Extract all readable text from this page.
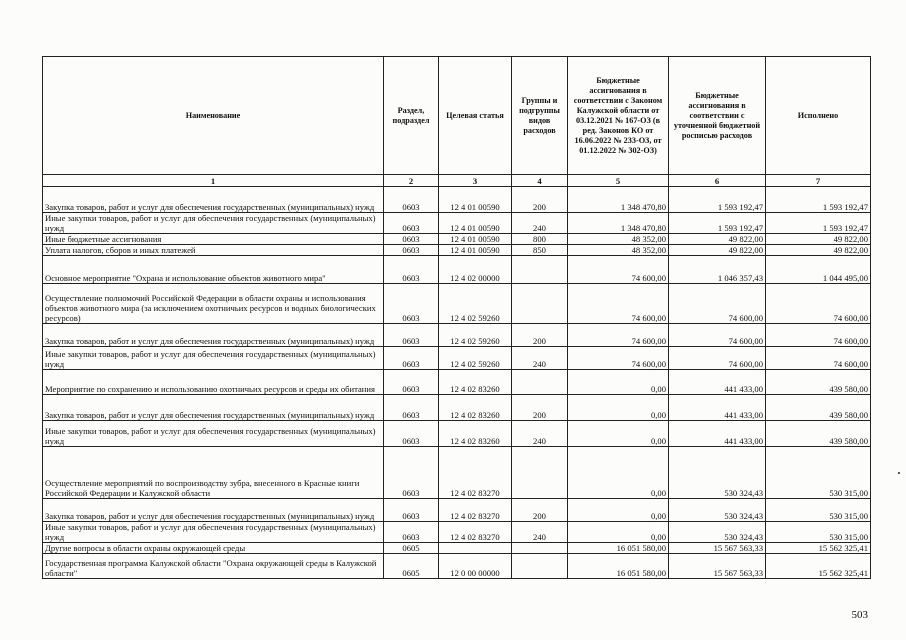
Наименование	Раздел, подраздел	Целевая статья	Группы и подгруппы видов расходов	Бюджетные ассигнования в соответствии с Законом Калужской области от 03.12.2021 № 167-ОЗ (в ред. Законов КО от 16.06.2022 № 233-ОЗ, от 01.12.2022 № 302-ОЗ)	Бюджетные ассигнования в соответствии с уточненной бюджетной росписью расходов	Исполнено
1	2	3	4	5	6	7
Закупка товаров, работ и услуг для обеспечения государственных (муниципальных) нужд	0603	12 4 01 00590	200	1 348 470,80	1 593 192,47	1 593 192,47
Иные закупки товаров, работ и услуг для обеспечения государственных (муниципальных) нужд	0603	12 4 01 00590	240	1 348 470,80	1 593 192,47	1 593 192,47
Иные бюджетные ассигнования	0603	12 4 01 00590	800	48 352,00	49 822,00	49 822,00
Уплата налогов, сборов и иных платежей	0603	12 4 01 00590	850	48 352,00	49 822,00	49 822,00
Основное мероприятие "Охрана и использование объектов животного мира"	0603	12 4 02 00000		74 600,00	1 046 357,43	1 044 495,00
Осуществление полномочий Российской Федерации в области охраны и использования объектов животного мира (за исключением охотничьих ресурсов и водных биологических ресурсов)	0603	12 4 02 59260		74 600,00	74 600,00	74 600,00
Закупка товаров, работ и услуг для обеспечения государственных (муниципальных) нужд	0603	12 4 02 59260	200	74 600,00	74 600,00	74 600,00
Иные закупки товаров, работ и услуг для обеспечения государственных (муниципальных) нужд	0603	12 4 02 59260	240	74 600,00	74 600,00	74 600,00
Мероприятие по сохранению и использованию охотничьих ресурсов и среды их обитания	0603	12 4 02 83260		0,00	441 433,00	439 580,00
Закупка товаров, работ и услуг для обеспечения государственных (муниципальных) нужд	0603	12 4 02 83260	200	0,00	441 433,00	439 580,00
Иные закупки товаров, работ и услуг для обеспечения государственных (муниципальных) нужд	0603	12 4 02 83260	240	0,00	441 433,00	439 580,00
Осуществление мероприятий по воспроизводству зубра, внесенного в Красные книги Российской Федерации и Калужской области	0603	12 4 02 83270		0,00	530 324,43	530 315,00
Закупка товаров, работ и услуг для обеспечения государственных (муниципальных) нужд	0603	12 4 02 83270	200	0,00	530 324,43	530 315,00
Иные закупки товаров, работ и услуг для обеспечения государственных (муниципальных) нужд	0603	12 4 02 83270	240	0,00	530 324,43	530 315,00
Другие вопросы в области охраны окружающей среды	0605			16 051 580,00	15 567 563,33	15 562 325,41
Государственная программа Калужской области "Охрана окружающей среды в Калужской области"	0605	12 0 00 00000		16 051 580,00	15 567 563,33	15 562 325,41
503
